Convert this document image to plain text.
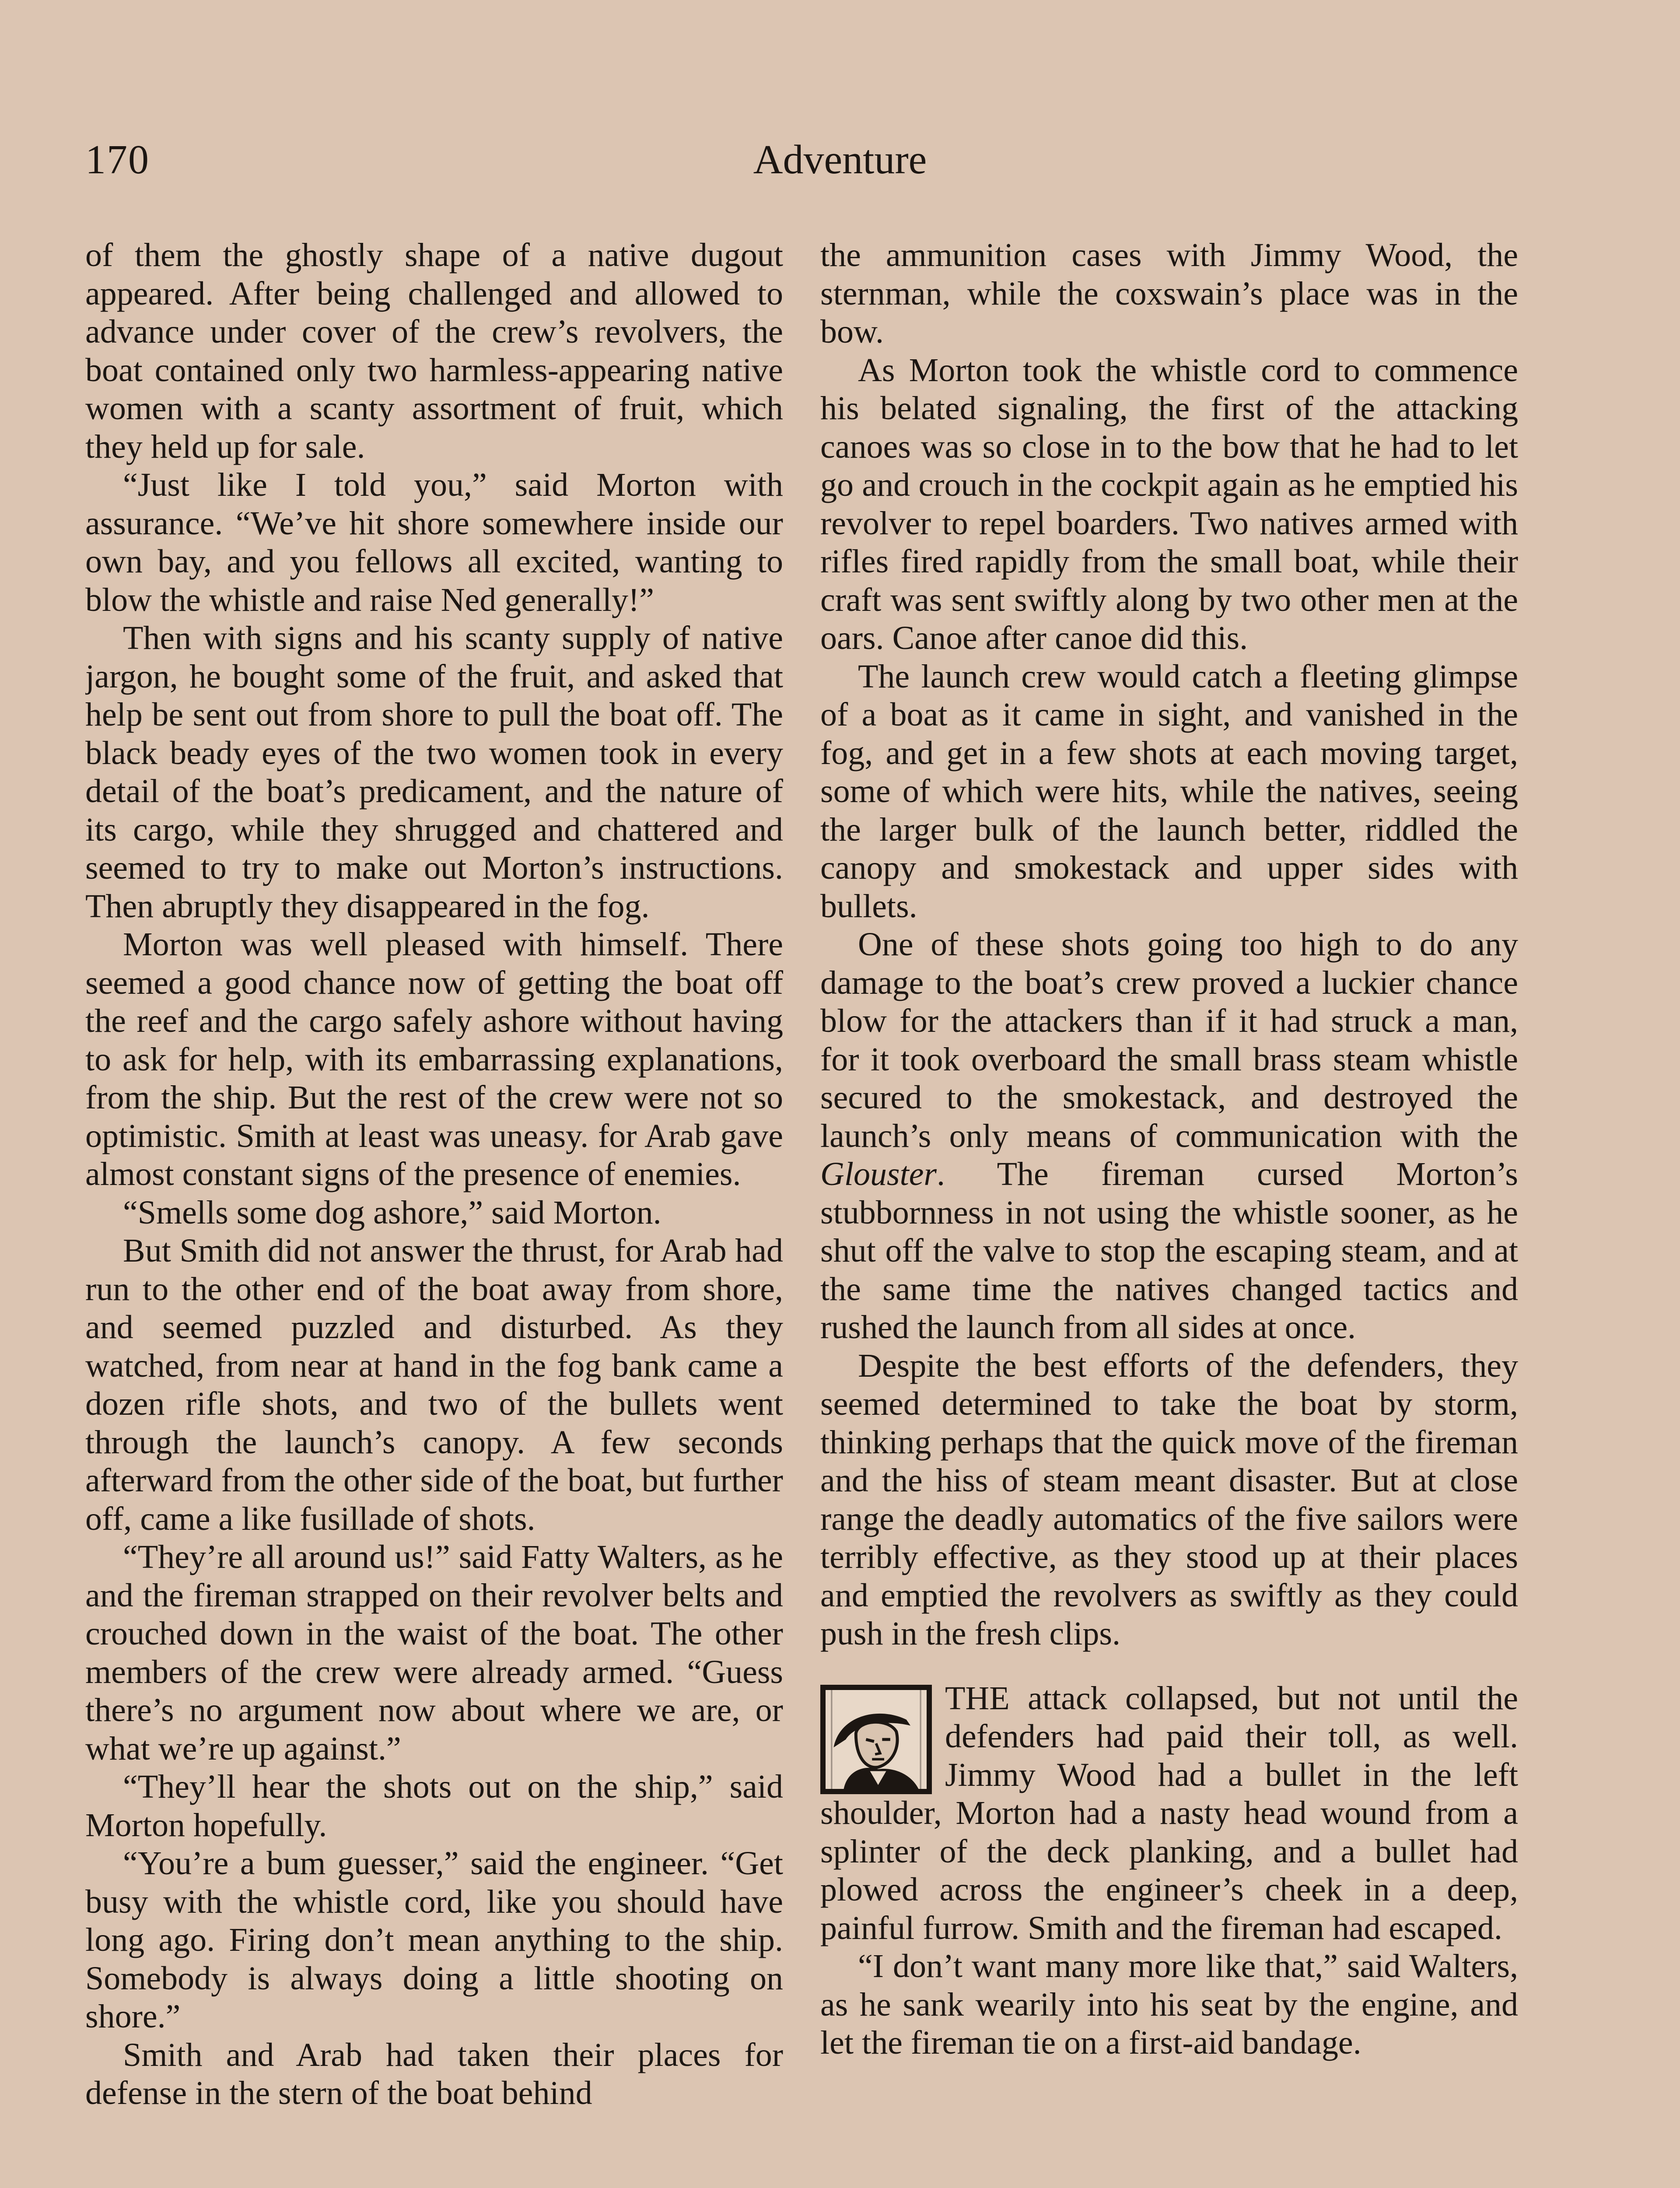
170	Adventure

of them the ghostly shape of a native dugout appeared. After being challenged and allowed to advance under cover of the crew’s revolvers, the boat contained only two harmless-appearing native women with a scanty assortment of fruit, which they held up for sale.

“Just like I told you,” said Morton with assurance. “We’ve hit shore somewhere inside our own bay, and you fellows all excited, wanting to blow the whistle and raise Ned generally!”

Then with signs and his scanty supply of native jargon, he bought some of the fruit, and asked that help be sent out from shore to pull the boat off. The black beady eyes of the two women took in every detail of the boat’s predicament, and the nature of its cargo, while they shrugged and chattered and seemed to try to make out Morton’s instructions. Then abruptly they disappeared in the fog.

Morton was well pleased with himself. There seemed a good chance now of getting the boat off the reef and the cargo safely ashore without having to ask for help, with its embarrassing explanations, from the ship. But the rest of the crew were not so optimistic. Smith at least was uneasy. for Arab gave almost constant signs of the presence of enemies.

“Smells some dog ashore,” said Morton.

But Smith did not answer the thrust, for Arab had run to the other end of the boat away from shore, and seemed puzzled and disturbed. As they watched, from near at hand in the fog bank came a dozen rifle shots, and two of the bullets went through the launch’s canopy. A few seconds afterward from the other side of the boat, but further off, came a like fusillade of shots.

“They’re all around us!” said Fatty Walters, as he and the fireman strapped on their revolver belts and crouched down in the waist of the boat. The other members of the crew were already armed. “Guess there’s no argument now about where we are, or what we’re up against.”

“They’ll hear the shots out on the ship,” said Morton hopefully.

“You’re a bum guesser,” said the engineer. “Get busy with the whistle cord, like you should have long ago. Firing don’t mean anything to the ship. Somebody is always doing a little shooting on shore.”

Smith and Arab had taken their places for defense in the stern of the boat behind

the ammunition cases with Jimmy Wood, the sternman, while the coxswain’s place was in the bow.

As Morton took the whistle cord to commence his belated signaling, the first of the attacking canoes was so close in to the bow that he had to let go and crouch in the cockpit again as he emptied his revolver to repel boarders. Two natives armed with rifles fired rapidly from the small boat, while their craft was sent swiftly along by two other men at the oars. Canoe after canoe did this.

The launch crew would catch a fleeting glimpse of a boat as it came in sight, and vanished in the fog, and get in a few shots at each moving target, some of which were hits, while the natives, seeing the larger bulk of the launch better, riddled the canopy and smokestack and upper sides with bullets.

One of these shots going too high to do any damage to the boat’s crew proved a luckier chance blow for the attackers than if it had struck a man, for it took overboard the small brass steam whistle secured to the smokestack, and destroyed the launch’s only means of communication with the Glouster. The fireman cursed Morton’s stubbornness in not using the whistle sooner, as he shut off the valve to stop the escaping steam, and at the same time the natives changed tactics and rushed the launch from all sides at once.

Despite the best efforts of the defenders, they seemed determined to take the boat by storm, thinking perhaps that the quick move of the fireman and the hiss of steam meant disaster. But at close range the deadly automatics of the five sailors were terribly effective, as they stood up at their places and emptied the revolvers as swiftly as they could push in the fresh clips.

THE attack collapsed, but not until the defenders had paid their toll, as well. Jimmy Wood had a bullet in the left shoulder, Morton had a nasty head wound from a splinter of the deck planking, and a bullet had plowed across the engineer’s cheek in a deep, painful furrow. Smith and the fireman had escaped.

“I don’t want many more like that,” said Walters, as he sank wearily into his seat by the engine, and let the fireman tie on a first-aid bandage.
